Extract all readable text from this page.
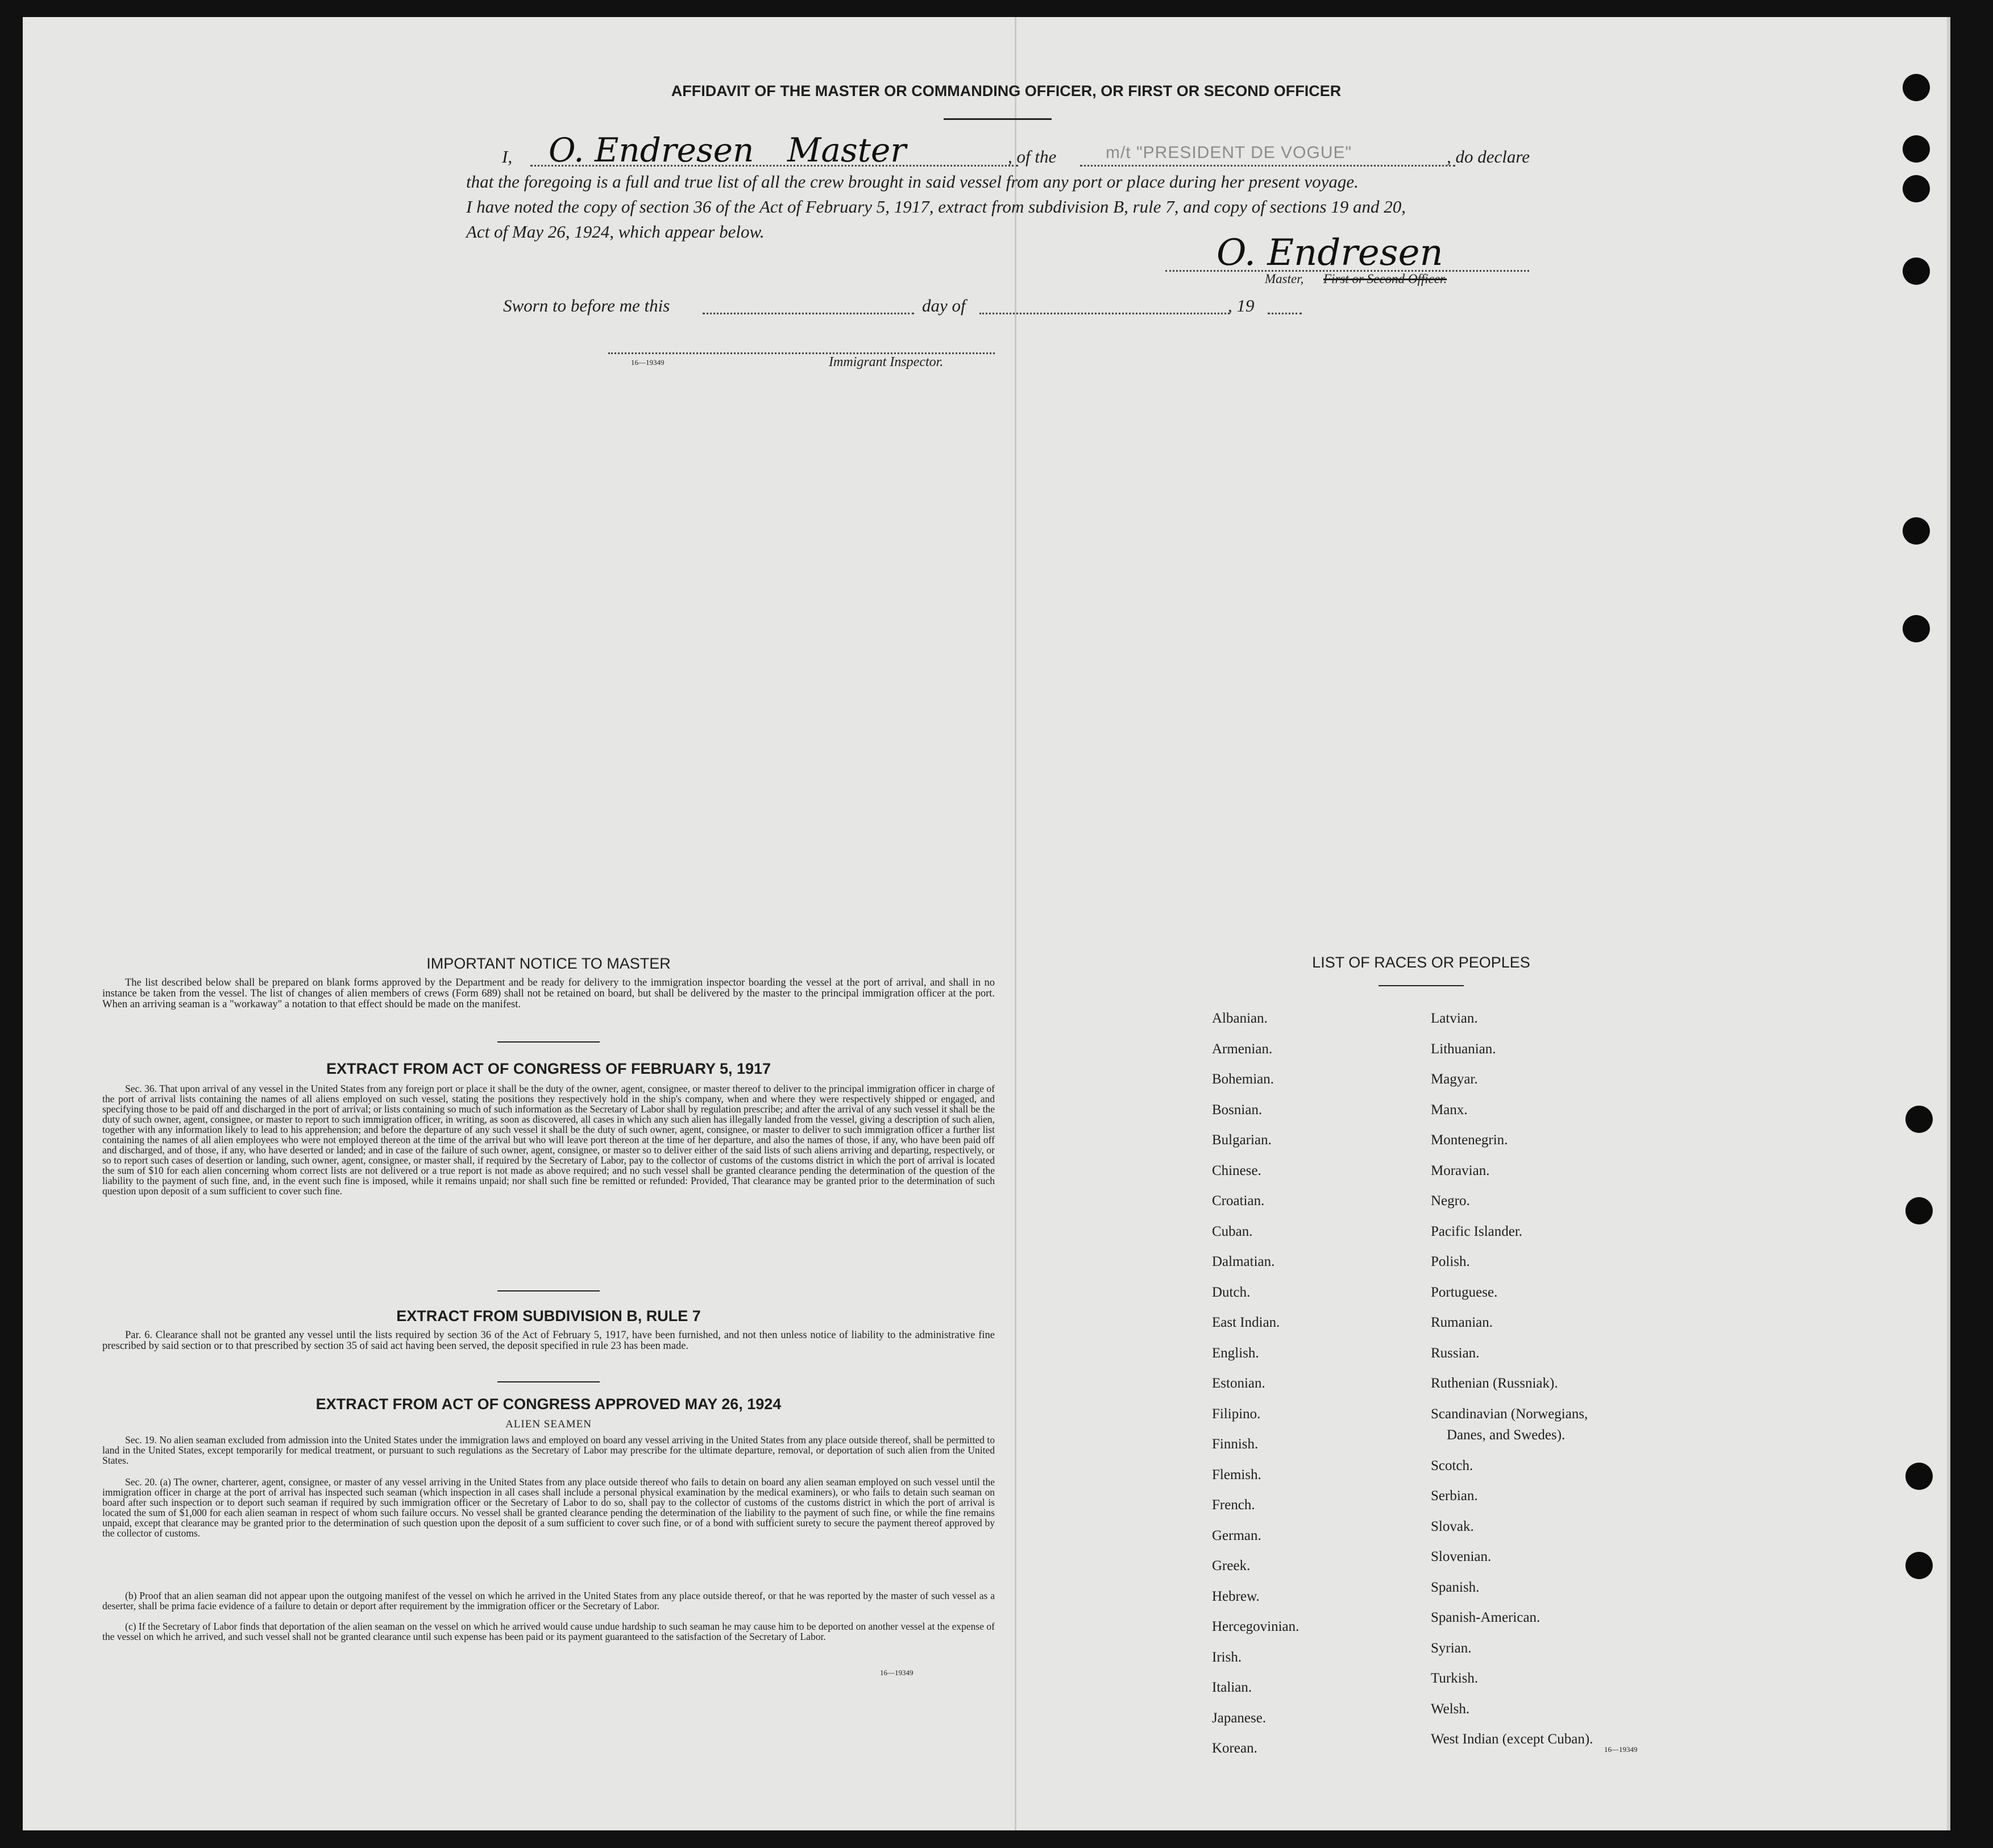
AFFIDAVIT OF THE MASTER OR COMMANDING OFFICER, OR FIRST OR SECOND OFFICER
I, O. Endresen Master	, of the	m/t "PRESIDENT DE VOGUE"	, do declare
that the foregoing is a full and true list of all the crew brought in said vessel from any port or place during her present voyage.
I have noted the copy of section 36 of the Act of February 5, 1917, extract from subdivision B, rule 7, and copy of sections 19 and 20,
Act of May 26, 1924, which appear below.
O. Endresen
Master, First or Second Officer.
Sworn to before me this	day of	, 19
16—19349	Immigrant Inspector.
IMPORTANT NOTICE TO MASTER
The list described below shall be prepared on blank forms approved by the Department and be ready for delivery to the immigration inspector boarding the vessel at the port of arrival, and shall in no instance be taken from the vessel. The list of changes of alien members of crews (Form 689) shall not be retained on board, but shall be delivered by the master to the principal immigration officer at the port. When an arriving seaman is a "workaway" a notation to that effect should be made on the manifest.
EXTRACT FROM ACT OF CONGRESS OF FEBRUARY 5, 1917
Sec. 36. That upon arrival of any vessel in the United States from any foreign port or place it shall be the duty of the owner, agent, consignee, or master thereof to deliver to the principal immigration officer in charge of the port of arrival lists containing the names of all aliens employed on such vessel, stating the positions they respectively hold in the ship's company, when and where they were respectively shipped or engaged, and specifying those to be paid off and discharged in the port of arrival; or lists containing so much of such information as the Secretary of Labor shall by regulation prescribe; and after the arrival of any such vessel it shall be the duty of such owner, agent, consignee, or master to report to such immigration officer, in writing, as soon as discovered, all cases in which any such alien has illegally landed from the vessel, giving a description of such alien, together with any information likely to lead to his apprehension; and before the departure of any such vessel it shall be the duty of such owner, agent, consignee, or master to deliver to such immigration officer a further list containing the names of all alien employees who were not employed thereon at the time of the arrival but who will leave port thereon at the time of her departure, and also the names of those, if any, who have been paid off and discharged, and of those, if any, who have deserted or landed; and in case of the failure of such owner, agent, consignee, or master so to deliver either of the said lists of such aliens arriving and departing, respectively, or so to report such cases of desertion or landing, such owner, agent, consignee, or master shall, if required by the Secretary of Labor, pay to the collector of customs of the customs district in which the port of arrival is located the sum of $10 for each alien concerning whom correct lists are not delivered or a true report is not made as above required; and no such vessel shall be granted clearance pending the determination of the question of the liability to the payment of such fine, and, in the event such fine is imposed, while it remains unpaid; nor shall such fine be remitted or refunded: Provided, That clearance may be granted prior to the determination of such question upon deposit of a sum sufficient to cover such fine.
EXTRACT FROM SUBDIVISION B, RULE 7
Par. 6. Clearance shall not be granted any vessel until the lists required by section 36 of the Act of February 5, 1917, have been furnished, and not then unless notice of liability to the administrative fine prescribed by said section or to that prescribed by section 35 of said act having been served, the deposit specified in rule 23 has been made.
EXTRACT FROM ACT OF CONGRESS APPROVED MAY 26, 1924
ALIEN SEAMEN
Sec. 19. No alien seaman excluded from admission into the United States under the immigration laws and employed on board any vessel arriving in the United States from any place outside thereof, shall be permitted to land in the United States, except temporarily for medical treatment, or pursuant to such regulations as the Secretary of Labor may prescribe for the ultimate departure, removal, or deportation of such alien from the United States.
Sec. 20. (a) The owner, charterer, agent, consignee, or master of any vessel arriving in the United States from any place outside thereof who fails to detain on board any alien seaman employed on such vessel until the immigration officer in charge at the port of arrival has inspected such seaman (which inspection in all cases shall include a personal physical examination by the medical examiners), or who fails to detain such seaman on board after such inspection or to deport such seaman if required by such immigration officer or the Secretary of Labor to do so, shall pay to the collector of customs of the customs district in which the port of arrival is located the sum of $1,000 for each alien seaman in respect of whom such failure occurs. No vessel shall be granted clearance pending the determination of the liability to the payment of such fine, or while the fine remains unpaid, except that clearance may be granted prior to the determination of such question upon the deposit of a sum sufficient to cover such fine, or of a bond with sufficient surety to secure the payment thereof approved by the collector of customs.
(b) Proof that an alien seaman did not appear upon the outgoing manifest of the vessel on which he arrived in the United States from any place outside thereof, or that he was reported by the master of such vessel as a deserter, shall be prima facie evidence of a failure to detain or deport after requirement by the immigration officer or the Secretary of Labor.
(c) If the Secretary of Labor finds that deportation of the alien seaman on the vessel on which he arrived would cause undue hardship to such seaman he may cause him to be deported on another vessel at the expense of the vessel on which he arrived, and such vessel shall not be granted clearance until such expense has been paid or its payment guaranteed to the satisfaction of the Secretary of Labor.
16—19349
LIST OF RACES OR PEOPLES
Albanian.
Armenian.
Bohemian.
Bosnian.
Bulgarian.
Chinese.
Croatian.
Cuban.
Dalmatian.
Dutch.
East Indian.
English.
Estonian.
Filipino.
Finnish.
Flemish.
French.
German.
Greek.
Hebrew.
Hercegovinian.
Irish.
Italian.
Japanese.
Korean.
Latvian.
Lithuanian.
Magyar.
Manx.
Montenegrin.
Moravian.
Negro.
Pacific Islander.
Polish.
Portuguese.
Rumanian.
Russian.
Ruthenian (Russniak).
Scandinavian (Norwegians,
Danes, and Swedes).
Scotch.
Serbian.
Slovak.
Slovenian.
Spanish.
Spanish-American.
Syrian.
Turkish.
Welsh.
West Indian (except Cuban).
16—19349
